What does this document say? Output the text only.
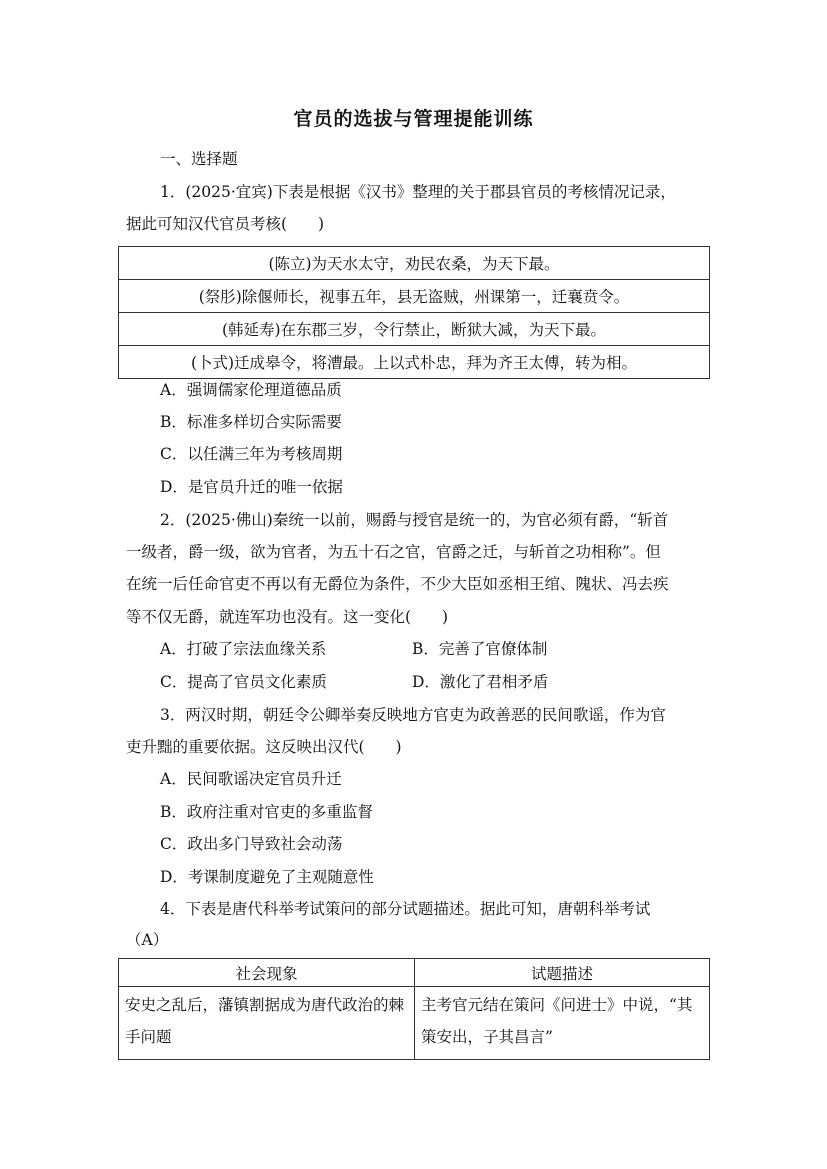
官员的选拔与管理提能训练
一、选择题
1．(2025·宜宾)下表是根据《汉书》整理的关于郡县官员的考核情况记录，
据此可知汉代官员考核(　　)
(陈立)为天水太守，劝民农桑，为天下最。
(祭肜)除偃师长，视事五年，县无盗贼，州课第一，迁襄贲令。
(韩延寿)在东郡三岁，令行禁止，断狱大减，为天下最。
(卜式)迁成皋令，将漕最。上以式朴忠，拜为齐王太傅，转为相。
A．强调儒家伦理道德品质
B．标准多样切合实际需要
C．以任满三年为考核周期
D．是官员升迁的唯一依据
2．(2025·佛山)秦统一以前，赐爵与授官是统一的，为官必须有爵，“斩首
一级者，爵一级，欲为官者，为五十石之官，官爵之迁，与斩首之功相称”。但
在统一后任命官吏不再以有无爵位为条件，不少大臣如丞相王绾、隗状、冯去疾
等不仅无爵，就连军功也没有。这一变化(　　)
A．打破了宗法血缘关系	B．完善了官僚体制
C．提高了官员文化素质	D．激化了君相矛盾
3．两汉时期，朝廷令公卿举奏反映地方官吏为政善恶的民间歌谣，作为官
吏升黜的重要依据。这反映出汉代(　　)
A．民间歌谣决定官员升迁
B．政府注重对官吏的多重监督
C．政出多门导致社会动荡
D．考课制度避免了主观随意性
4．下表是唐代科举考试策问的部分试题描述。据此可知，唐朝科举考试
（A）
社会现象	试题描述
安史之乱后，藩镇割据成为唐代政治的棘手问题	主考官元结在策问《问进士》中说，“其策安出，子其昌言”
